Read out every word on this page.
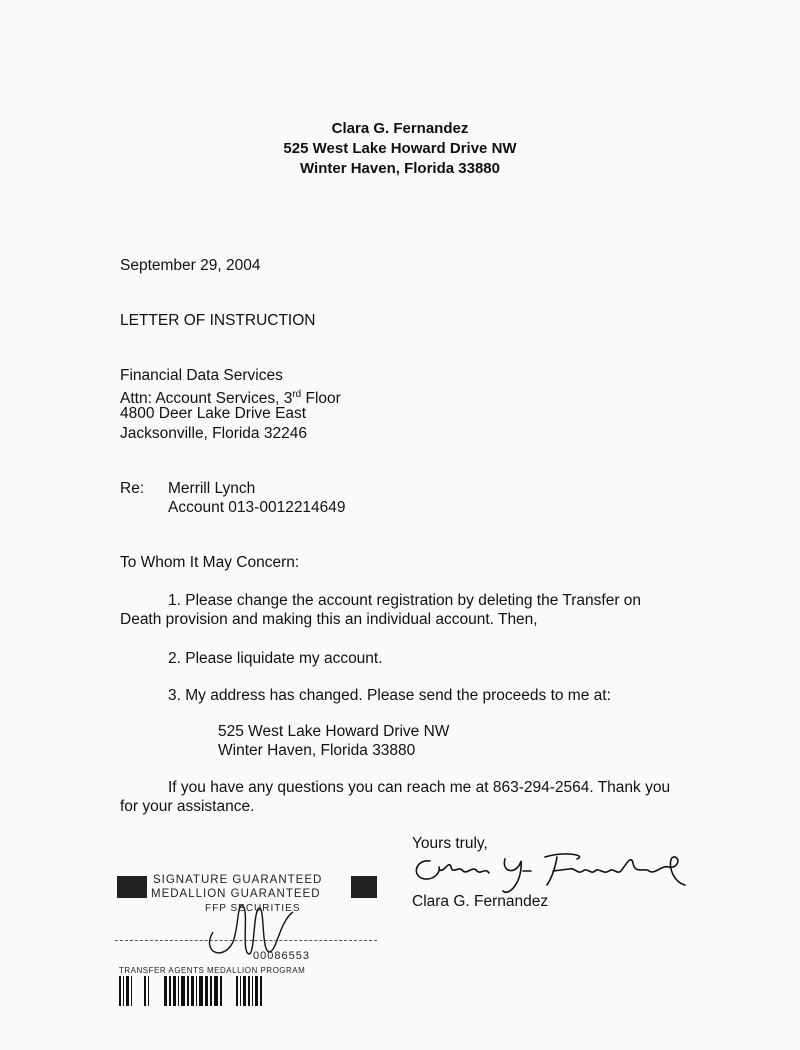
Clara G. Fernandez
525 West Lake Howard Drive NW
Winter Haven, Florida 33880
September 29, 2004
LETTER OF INSTRUCTION
Financial Data Services
Attn: Account Services, 3rd Floor
4800 Deer Lake Drive East
Jacksonville, Florida 32246
Re: Merrill Lynch
Account 013-0012214649
To Whom It May Concern:
1. Please change the account registration by deleting the Transfer on
Death provision and making this an individual account. Then,
2. Please liquidate my account.
3. My address has changed. Please send the proceeds to me at:
525 West Lake Howard Drive NW
Winter Haven, Florida 33880
If you have any questions you can reach me at 863-294-2564. Thank you
for your assistance.
Yours truly,
Clara G. Fernandez
SIGNATURE GUARANTEED
MEDALLION GUARANTEED
FFP SECURITIES
00086553
TRANSFER AGENTS MEDALLION PROGRAM
